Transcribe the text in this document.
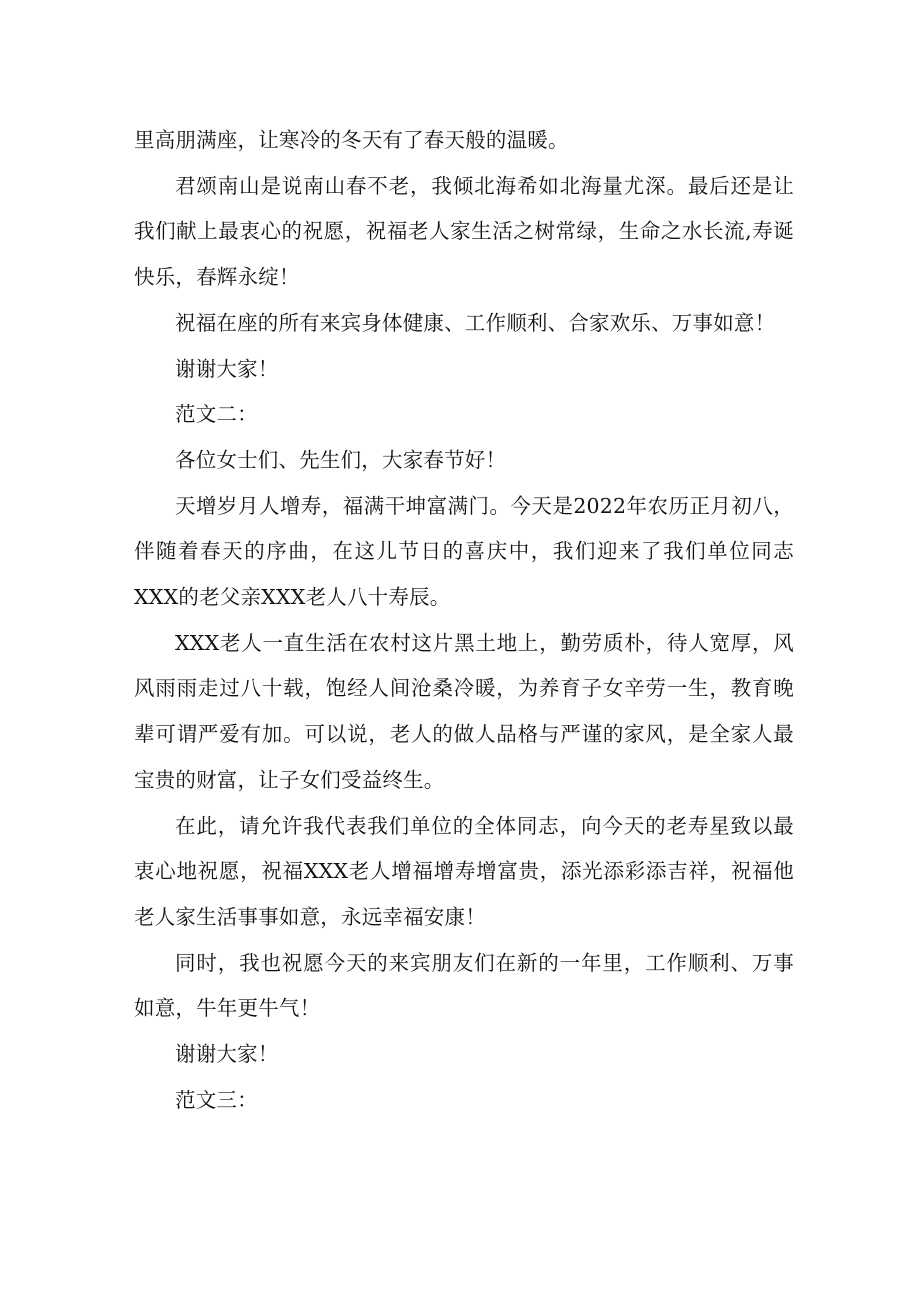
里高朋满座，让寒冷的冬天有了春天般的温暖。

君颂南山是说南山春不老，我倾北海希如北海量尤深。最后还是让我们献上最衷心的祝愿，祝福老人家生活之树常绿，生命之水长流,寿诞快乐，春辉永绽！

祝福在座的所有来宾身体健康、工作顺利、合家欢乐、万事如意！

谢谢大家！

范文二：

各位女士们、先生们，大家春节好！

天增岁月人增寿，福满干坤富满门。今天是2022年农历正月初八，伴随着春天的序曲，在这儿节日的喜庆中，我们迎来了我们单位同志XXX的老父亲XXX老人八十寿辰。

XXX老人一直生活在农村这片黑土地上，勤劳质朴，待人宽厚，风风雨雨走过八十载，饱经人间沧桑冷暖，为养育子女辛劳一生，教育晚辈可谓严爱有加。可以说，老人的做人品格与严谨的家风，是全家人最宝贵的财富，让子女们受益终生。

在此，请允许我代表我们单位的全体同志，向今天的老寿星致以最衷心地祝愿，祝福XXX老人增福增寿增富贵，添光添彩添吉祥，祝福他老人家生活事事如意，永远幸福安康！

同时，我也祝愿今天的来宾朋友们在新的一年里，工作顺利、万事如意，牛年更牛气！

谢谢大家！

范文三：
